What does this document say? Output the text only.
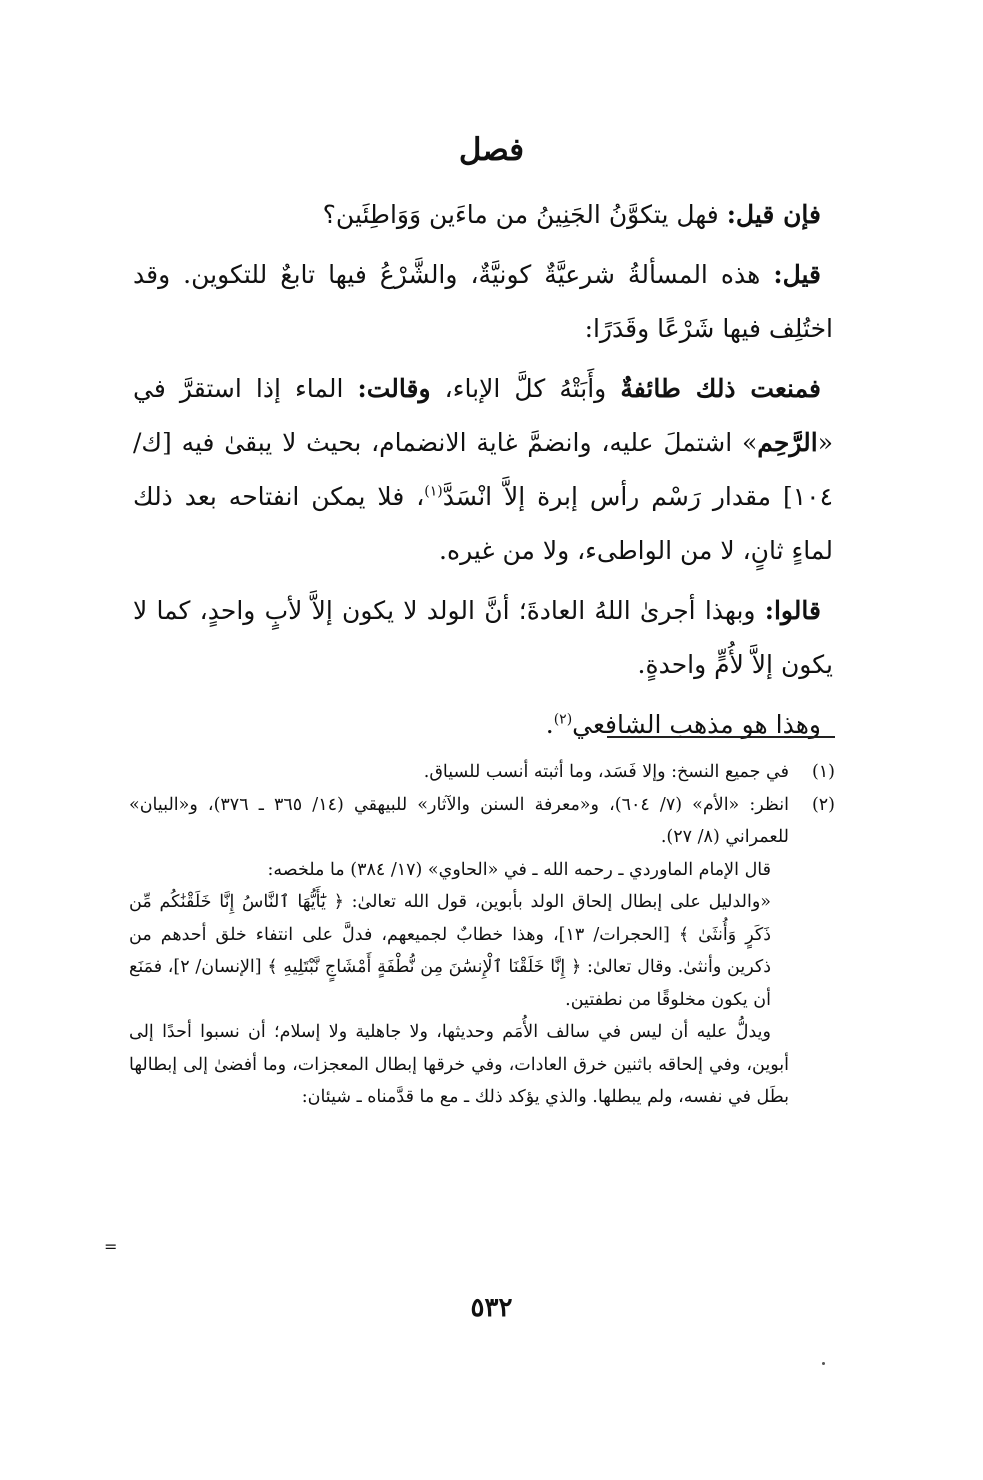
فصل

فإن قيل: فهل يتكوَّنُ الجَنِينُ من ماءَين وَوَاطِئَين؟

قيل: هذه المسألةُ شرعيَّةٌ كونيَّةٌ، والشَّرْعُ فيها تابعٌ للتكوين. وقد اختُلِف فيها شَرْعًا وقَدَرًا:

فمنعت ذلك طائفةٌ وأَبَتْهُ كلَّ الإباء، وقالت: الماء إذا استقرَّ في «الرَّحِم» اشتملَ عليه، وانضمَّ غاية الانضمام، بحيث لا يبقىٰ فيه [ك/١٠٤] مقدار رَسْم رأس إبرة إلاَّ انْسَدَّ$^{(١)}$، فلا يمكن انفتاحه بعد ذلك لماءٍ ثانٍ، لا من الواطىء، ولا من غيره.

قالوا: وبهذا أجرىٰ اللهُ العادةَ؛ أنَّ الولد لا يكون إلاَّ لأبٍ واحدٍ، كما لا يكون إلاَّ لأُمٍّ واحدةٍ.

وهذا هو مذهب الشافعي$^{(٢)}$.

(١)

في جميع النسخ: وإلا فَسَد، وما أثبته أنسب للسياق.

(٢)

انظر: «الأم» (٧/ ٦٠٤)، و«معرفة السنن والآثار» للبيهقي (١٤/ ٣٦٥ ـ ٣٧٦)، و«البيان» للعمراني (٨/ ٢٧).

قال الإمام الماوردي ـ رحمه الله ـ في «الحاوي» (١٧/ ٣٨٤) ما ملخصه:

«والدليل على إبطال إلحاق الولد بأبوين، قول الله تعالىٰ: ﴿ يَٰٓأَيُّهَا ٱلنَّاسُ إِنَّا خَلَقْنَٰكُم مِّن ذَكَرٍ وَأُنثَىٰ ﴾ [الحجرات/ ١٣]، وهذا خطابٌ لجميعهم، فدلَّ على انتفاء خلق أحدهم من ذكرين وأنثىٰ. وقال تعالىٰ: ﴿ إِنَّا خَلَقْنَا ٱلْإِنسَٰنَ مِن نُّطْفَةٍ أَمْشَاجٍ نَّبْتَلِيهِ ﴾ [الإنسان/ ٢]، فمَنَع أن يكون مخلوقًا من نطفتين.

ويدلُّ عليه أن ليس في سالف الأُمَم وحديثها، ولا جاهلية ولا إسلام؛ أن نسبوا أحدًا إلى أبوين، وفي إلحاقه باثنين خرق العادات، وفي خرقها إبطال المعجزات، وما أفضىٰ إلى إبطالها بطَل في نفسه، ولم يبطلها. والذي يؤكد ذلك ـ مع ما قدَّمناه ـ شيئان:

=
٥٣٢
